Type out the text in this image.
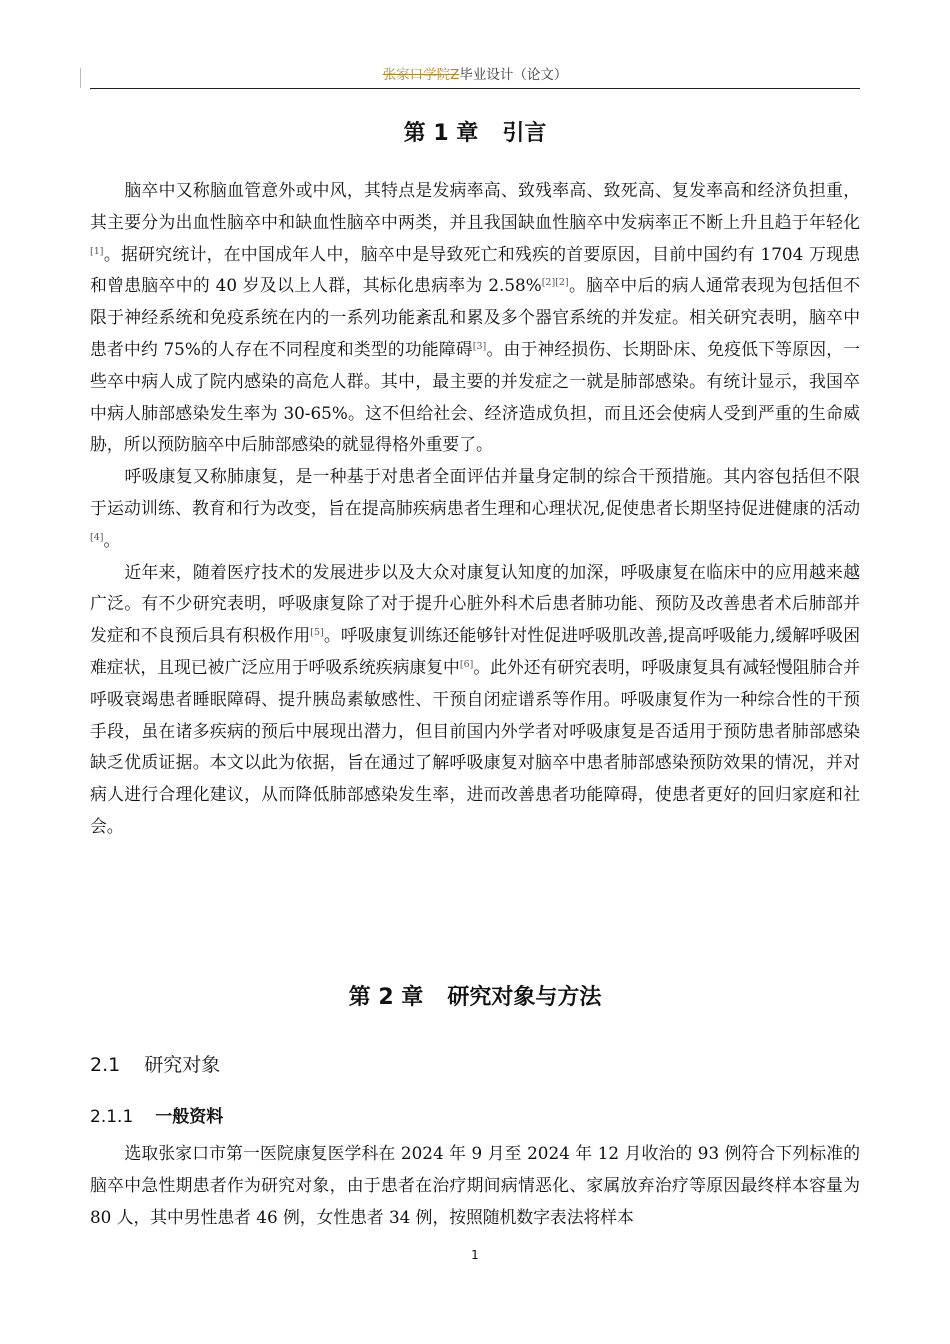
张家口学院Z毕业设计（论文）
第 1 章 引言

脑卒中又称脑血管意外或中风，其特点是发病率高、致残率高、致死高、复发率高和经济负担重，其主要分为出血性脑卒中和缺血性脑卒中两类，并且我国缺血性脑卒中发病率正不断上升且趋于年轻化[1]。据研究统计，在中国成年人中，脑卒中是导致死亡和残疾的首要原因，目前中国约有 1704 万现患和曾患脑卒中的 40 岁及以上人群，其标化患病率为 2.58%[2][2]。脑卒中后的病人通常表现为包括但不限于神经系统和免疫系统在内的一系列功能紊乱和累及多个器官系统的并发症。相关研究表明，脑卒中患者中约 75%的人存在不同程度和类型的功能障碍[3]。由于神经损伤、长期卧床、免疫低下等原因，一些卒中病人成了院内感染的高危人群。其中，最主要的并发症之一就是肺部感染。有统计显示，我国卒中病人肺部感染发生率为 30-65%。这不但给社会、经济造成负担，而且还会使病人受到严重的生命威胁，所以预防脑卒中后肺部感染的就显得格外重要了。

呼吸康复又称肺康复，是一种基于对患者全面评估并量身定制的综合干预措施。其内容包括但不限于运动训练、教育和行为改变，旨在提高肺疾病患者生理和心理状况,促使患者长期坚持促进健康的活动[4]。

近年来，随着医疗技术的发展进步以及大众对康复认知度的加深，呼吸康复在临床中的应用越来越广泛。有不少研究表明，呼吸康复除了对于提升心脏外科术后患者肺功能、预防及改善患者术后肺部并发症和不良预后具有积极作用[5]。呼吸康复训练还能够针对性促进呼吸肌改善,提高呼吸能力,缓解呼吸困难症状，且现已被广泛应用于呼吸系统疾病康复中[6]。此外还有研究表明，呼吸康复具有减轻慢阻肺合并呼吸衰竭患者睡眠障碍、提升胰岛素敏感性、干预自闭症谱系等作用。呼吸康复作为一种综合性的干预手段，虽在诸多疾病的预后中展现出潜力，但目前国内外学者对呼吸康复是否适用于预防患者肺部感染缺乏优质证据。本文以此为依据，旨在通过了解呼吸康复对脑卒中患者肺部感染预防效果的情况，并对病人进行合理化建议，从而降低肺部感染发生率，进而改善患者功能障碍，使患者更好的回归家庭和社会。

第 2 章 研究对象与方法
2.1 研究对象
2.1.1 一般资料

选取张家口市第一医院康复医学科在 2024 年 9 月至 2024 年 12 月收治的 93 例符合下列标准的脑卒中急性期患者作为研究对象，由于患者在治疗期间病情恶化、家属放弃治疗等原因最终样本容量为 80 人，其中男性患者 46 例，女性患者 34 例，按照随机数字表法将样本

1
